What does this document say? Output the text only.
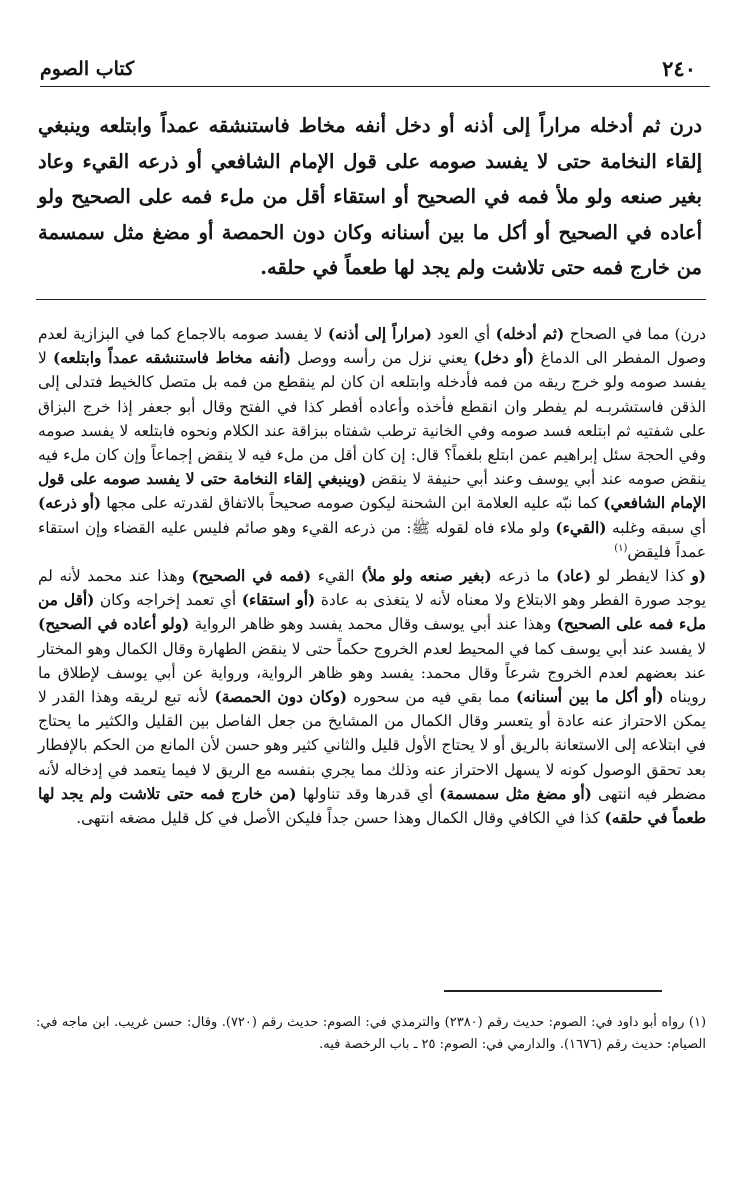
كتاب الصوم	٢٤٠
درن ثم أدخله مراراً إلى أذنه أو دخل أنفه مخاط فاستنشقه عمداً وابتلعه وينبغي إلقاء النخامة حتى لا يفسد صومه على قول الإمام الشافعي أو ذرعه القيء وعاد بغير صنعه ولو ملأ فمه في الصحيح أو استقاء أقل من ملء فمه على الصحيح ولو أعاده في الصحيح أو أكل ما بين أسنانه وكان دون الحمصة أو مضغ مثل سمسمة من خارج فمه حتى تلاشت ولم يجد لها طعماً في حلقه.

درن) مما في الصحاح (ثم أدخله) أي العود (مراراً إلى أذنه) لا يفسد صومه بالاجماع كما في البزازية لعدم وصول المفطر الى الدماغ (أو دخل) يعني نزل من رأسه ووصل (أنفه مخاط فاستنشقه عمداً وابتلعه) لا يفسد صومه ولو خرج ريقه من فمه فأدخله وابتلعه ان كان لم ينقطع من فمه بل متصل كالخيط فتدلى إلى الذقن فاستشربـه لم يفطر وان انقطع فأخذه وأعاده أفطر كذا في الفتح وقال أبو جعفر إذا خرج البزاق على شفتيه ثم ابتلعه فسد صومه وفي الخانية ترطب شفتاه ببزاقة عند الكلام ونحوه فابتلعه لا يفسد صومه وفي الحجة سئل إبراهيم عمن ابتلع بلغماً؟ قال: إن كان أقل من ملء فيه لا ينقض إجماعاً وإن كان ملء فيه ينقض صومه عند أبي يوسف وعند أبي حنيفة لا ينقض (وينبغي إلقاء النخامة حتى لا يفسد صومه على قول الإمام الشافعي) كما نبّه عليه العلامة ابن الشحنة ليكون صومه صحيحاً بالاتفاق لقدرته على مجها (أو ذرعه) أي سبقه وغلبه (القيء) ولو ملاء فاه لقوله ﷺ: من ذرعه القيء وهو صائم فليس عليه القضاء وإن استقاء عمداً فليقض$^{(١)}$

(و كذا لايفطر لو (عاد) ما ذرعه (بغير صنعه ولو ملأ) القيء (فمه في الصحيح) وهذا عند محمد لأنه لم يوجد صورة الفطر وهو الابتلاع ولا معناه لأنه لا يتغذى به عادة (أو استقاء) أي تعمد إخراجه وكان (أقل من ملء فمه على الصحيح) وهذا عند أبي يوسف وقال محمد يفسد وهو ظاهر الرواية (ولو أعاده في الصحيح) لا يفسد عند أبي يوسف كما في المحيط لعدم الخروج حكماً حتى لا ينقض الطهارة وقال الكمال وهو المختار عند بعضهم لعدم الخروج شرعاً وقال محمد: يفسد وهو ظاهر الرواية، ورواية عن أبي يوسف لإطلاق ما رويناه (أو أكل ما بين أسنانه) مما بقي فيه من سحوره (وكان دون الحمصة) لأنه تبع لريقه وهذا القدر لا يمكن الاحتراز عنه عادة أو يتعسر وقال الكمال من المشايخ من جعل الفاصل بين القليل والكثير ما يحتاج في ابتلاعه إلى الاستعانة بالريق أو لا يحتاج الأول قليل والثاني كثير وهو حسن لأن المانع من الحكم بالإفطار بعد تحقق الوصول كونه لا يسهل الاحتراز عنه وذلك مما يجري بنفسه مع الريق لا فيما يتعمد في إدخاله لأنه مضطر فيه انتهى (أو مضغ مثل سمسمة) أي قدرها وقد تناولها (من خارج فمه حتى تلاشت ولم يجد لها طعماً في حلقه) كذا في الكافي وقال الكمال وهذا حسن جداً فليكن الأصل في كل قليل مضغه انتهى.

(١) رواه أبو داود في: الصوم: حديث رقم (٢٣٨٠) والترمذي في: الصوم: حديث رقم (٧٢٠). وقال: حسن غريب. ابن ماجه في: الصيام: حديث رقم (١٦٧٦). والدارمي في: الصوم: ٢٥ ـ باب الرخصة فيه.
